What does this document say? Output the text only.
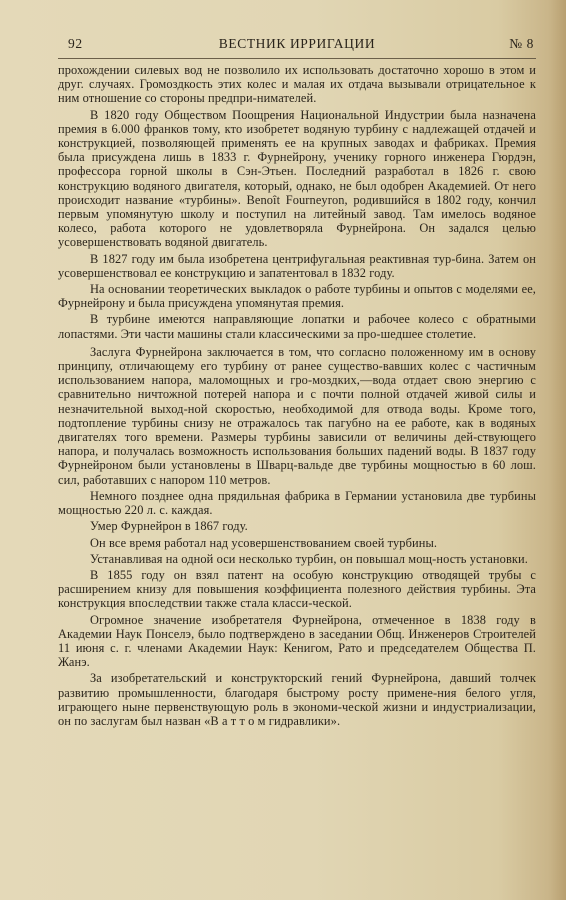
92	ВЕСТНИК ИРРИГАЦИИ	№ 8

прохождении силевых вод не позволило их использовать достаточно хорошо в этом и друг. случаях. Громоздкость этих колес и малая их отдача вызывали отрицательное к ним отношение со стороны предпри-нимателей.

В 1820 году Обществом Поощрения Национальной Индустрии была назначена премия в 6.000 франков тому, кто изобретет водяную турбину с надлежащей отдачей и конструкцией, позволяющей применять ее на крупных заводах и фабриках. Премия была присуждена лишь в 1833 г. Фурнейрону, ученику горного инженера Гюрдэн, профессора горной школы в Сэн-Этьен. Последний разработал в 1826 г. свою конструкцию водяного двигателя, который, однако, не был одобрен Академией. От него происходит название «турбины». Benoît Fourneyron, родившийся в 1802 году, кончил первым упомянутую школу и поступил на литейный завод. Там имелось водяное колесо, работа которого не удовлетворяла Фурнейрона. Он задался целью усовершенствовать водяной двигатель.

В 1827 году им была изобретена центрифугальная реактивная тур-бина. Затем он усовершенствовал ее конструкцию и запатентовал в 1832 году.

На основании теоретических выкладок о работе турбины и опытов с моделями ее, Фурнейрону и была присуждена упомянутая премия.

В турбине имеются направляющие лопатки и рабочее колесо с обратными лопастями. Эти части машины стали классическими за про-шедшее столетие.

Заслуга Фурнейрона заключается в том, что согласно положенному им в основу принципу, отличающему его турбину от ранее существо-вавших колес с частичным использованием напора, маломощных и гро-моздких,—вода отдает свою энергию с сравнительно ничтожной потерей напора и с почти полной отдачей живой силы и незначительной выход-ной скоростью, необходимой для отвода воды. Кроме того, подтопление турбины снизу не отражалось так пагубно на ее работе, как в водяных двигателях того времени. Размеры турбины зависили от величины дей-ствующего напора, и получалась возможность использования больших падений воды. В 1837 году Фурнейроном были установлены в Шварц-вальде две турбины мощностью в 60 лош. сил, работавших с напором 110 метров.

Немного позднее одна прядильная фабрика в Германии установила две турбины мощностью 220 л. с. каждая.

Умер Фурнейрон в 1867 году.

Он все время работал над усовершенствованием своей турбины.

Устанавливая на одной оси несколько турбин, он повышал мощ-ность установки.

В 1855 году он взял патент на особую конструкцию отводящей трубы с расширением книзу для повышения коэффициента полезного действия турбины. Эта конструкция впоследствии также стала класси-ческой.

Огромное значение изобретателя Фурнейрона, отмеченное в 1838 году в Академии Наук Понселэ, было подтверждено в заседании Общ. Инженеров Строителей 11 июня с. г. членами Академии Наук: Кенигом, Рато и председателем Общества П. Жанэ.

За изобретательский и конструкторский гений Фурнейрона, давший толчек развитию промышленности, благодаря быстрому росту примене-ния белого угля, играющего ныне первенствующую роль в экономи-ческой жизни и индустриализации, он по заслугам был назван «В а т т о м гидравлики».
